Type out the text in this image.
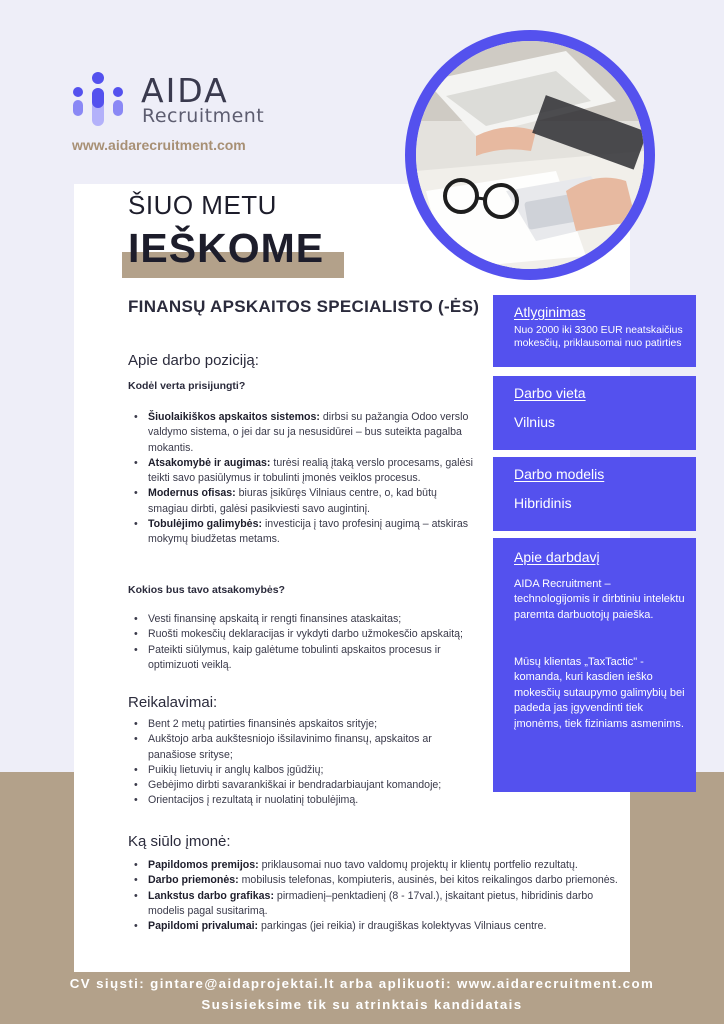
AIDA
Recruitment
www.aidarecruitment.com
ŠIUO METU
IEŠKOME
FINANSŲ APSKAITOS SPECIALISTO (-ĖS)
Apie darbo poziciją:
Kodėl verta prisijungti?
• Šiuolaikiškos apskaitos sistemos: dirbsi su pažangia Odoo verslo valdymo sistema, o jei dar su ja nesusidūrei – bus suteikta pagalba mokantis.
• Atsakomybė ir augimas: turėsi realią įtaką verslo procesams, galėsi teikti savo pasiūlymus ir tobulinti įmonės veiklos procesus.
• Modernus ofisas: biuras įsikūręs Vilniaus centre, o, kad būtų smagiau dirbti, galėsi pasikviesti savo augintinį.
• Tobulėjimo galimybės: investicija į tavo profesinį augimą – atskiras mokymų biudžetas metams.
Kokios bus tavo atsakomybės?
• Vesti finansinę apskaitą ir rengti finansines ataskaitas;
• Ruošti mokesčių deklaracijas ir vykdyti darbo užmokesčio apskaitą;
• Pateikti siūlymus, kaip galėtume tobulinti apskaitos procesus ir optimizuoti veiklą.
Reikalavimai:
• Bent 2 metų patirties finansinės apskaitos srityje;
• Aukštojo arba aukštesniojo išsilavinimo finansų, apskaitos ar panašiose srityse;
• Puikių lietuvių ir anglų kalbos įgūdžių;
• Gebėjimo dirbti savarankiškai ir bendradarbiaujant komandoje;
• Orientacijos į rezultatą ir nuolatinį tobulėjimą.
Ką siūlo įmonė:
• Papildomos premijos: priklausomai nuo tavo valdomų projektų ir klientų portfelio rezultatų.
• Darbo priemonės: mobilusis telefonas, kompiuteris, ausinės, bei kitos reikalingos darbo priemonės.
• Lankstus darbo grafikas: pirmadienį–penktadienį (8 - 17val.), įskaitant pietus, hibridinis darbo modelis pagal susitarimą.
• Papildomi privalumai: parkingas (jei reikia) ir draugiškas kolektyvas Vilniaus centre.
Atlyginimas
Nuo 2000 iki 3300 EUR neatskaičius mokesčių, priklausomai nuo patirties
Darbo vieta
Vilnius
Darbo modelis
Hibridinis
Apie darbdavį
AIDA Recruitment – technologijomis ir dirbtiniu intelektu paremta darbuotojų paieška.
Mūsų klientas „TaxTactic" - komanda, kuri kasdien ieško mokesčių sutaupymo galimybių bei padeda jas įgyvendinti tiek įmonėms, tiek fiziniams asmenims.
CV siųsti: gintare@aidaprojektai.lt arba aplikuoti: www.aidarecruitment.com
Susisieksime tik su atrinktais kandidatais
